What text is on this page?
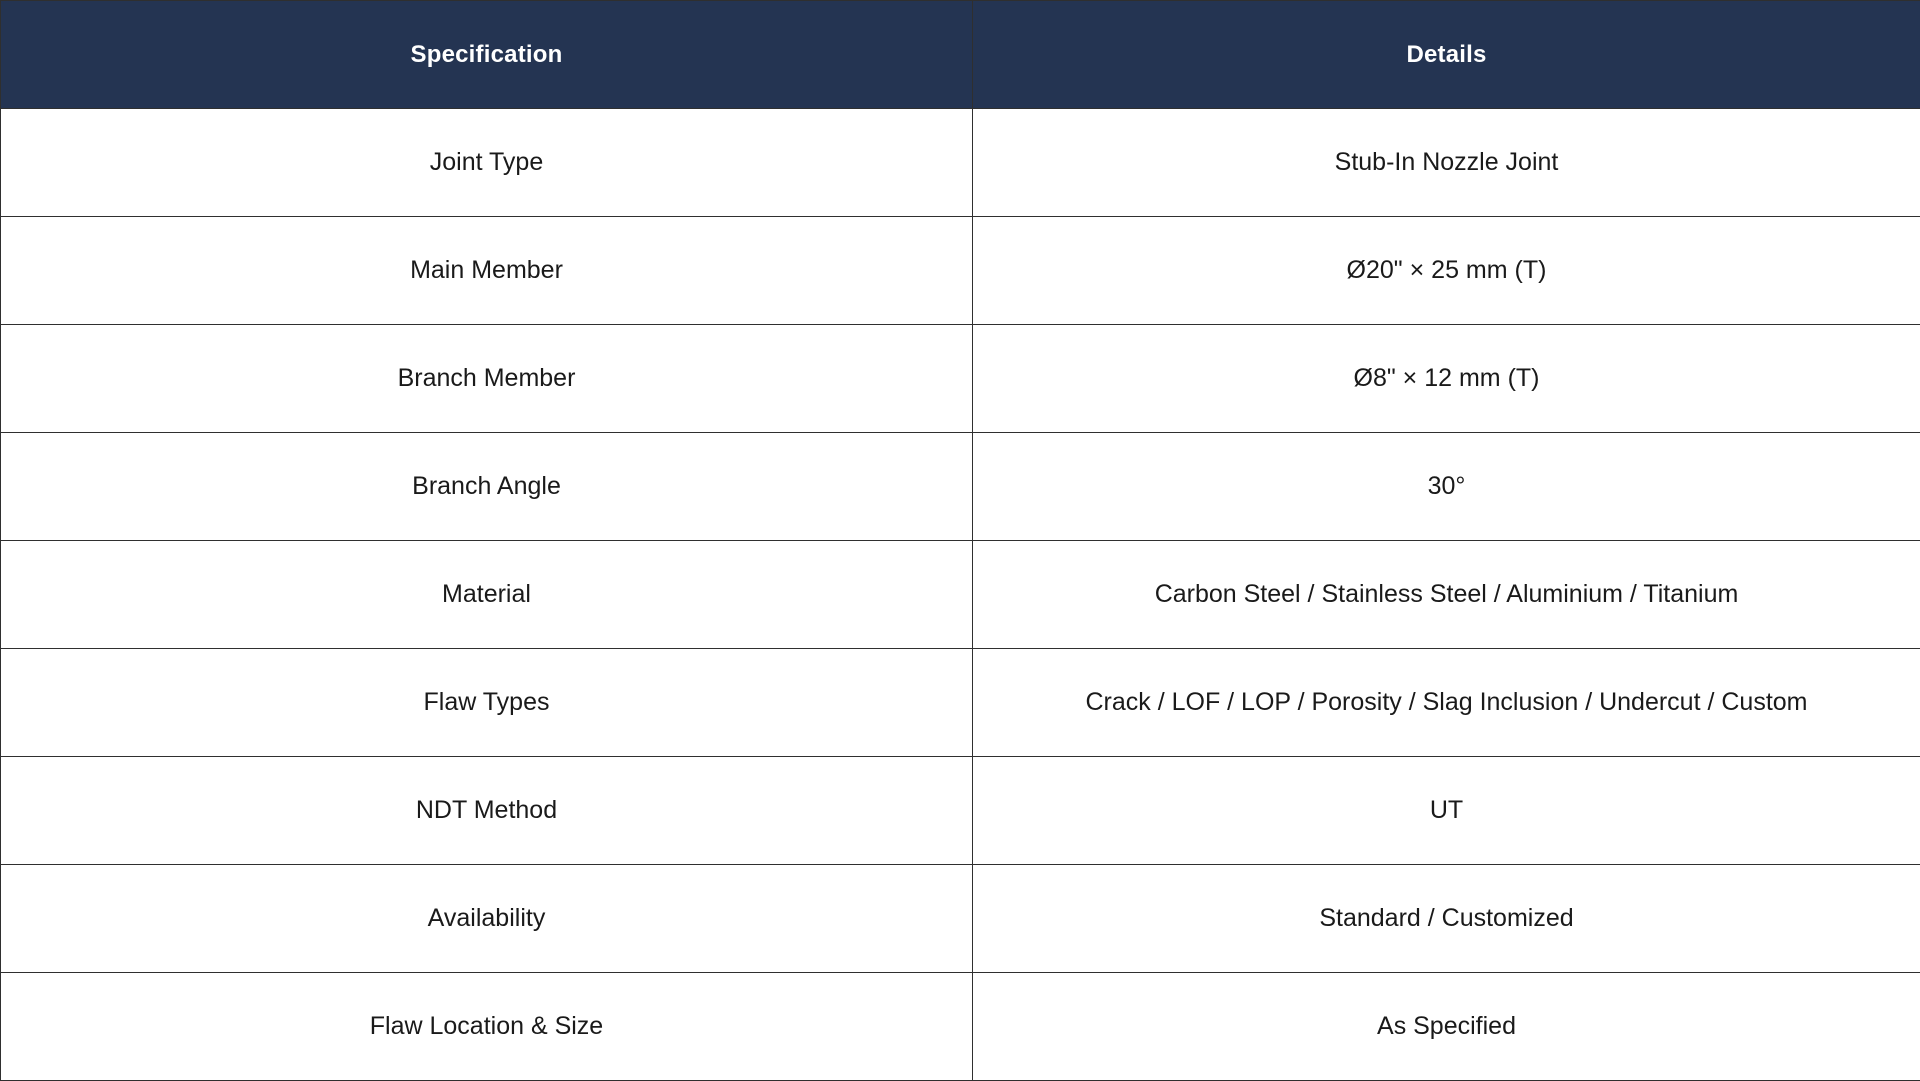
Specification	Details
Joint Type	Stub-In Nozzle Joint
Main Member	Ø20" × 25 mm (T)
Branch Member	Ø8" × 12 mm (T)
Branch Angle	30°
Material	Carbon Steel / Stainless Steel / Aluminium / Titanium
Flaw Types	Crack / LOF / LOP / Porosity / Slag Inclusion / Undercut / Custom
NDT Method	UT
Availability	Standard / Customized
Flaw Location & Size	As Specified
